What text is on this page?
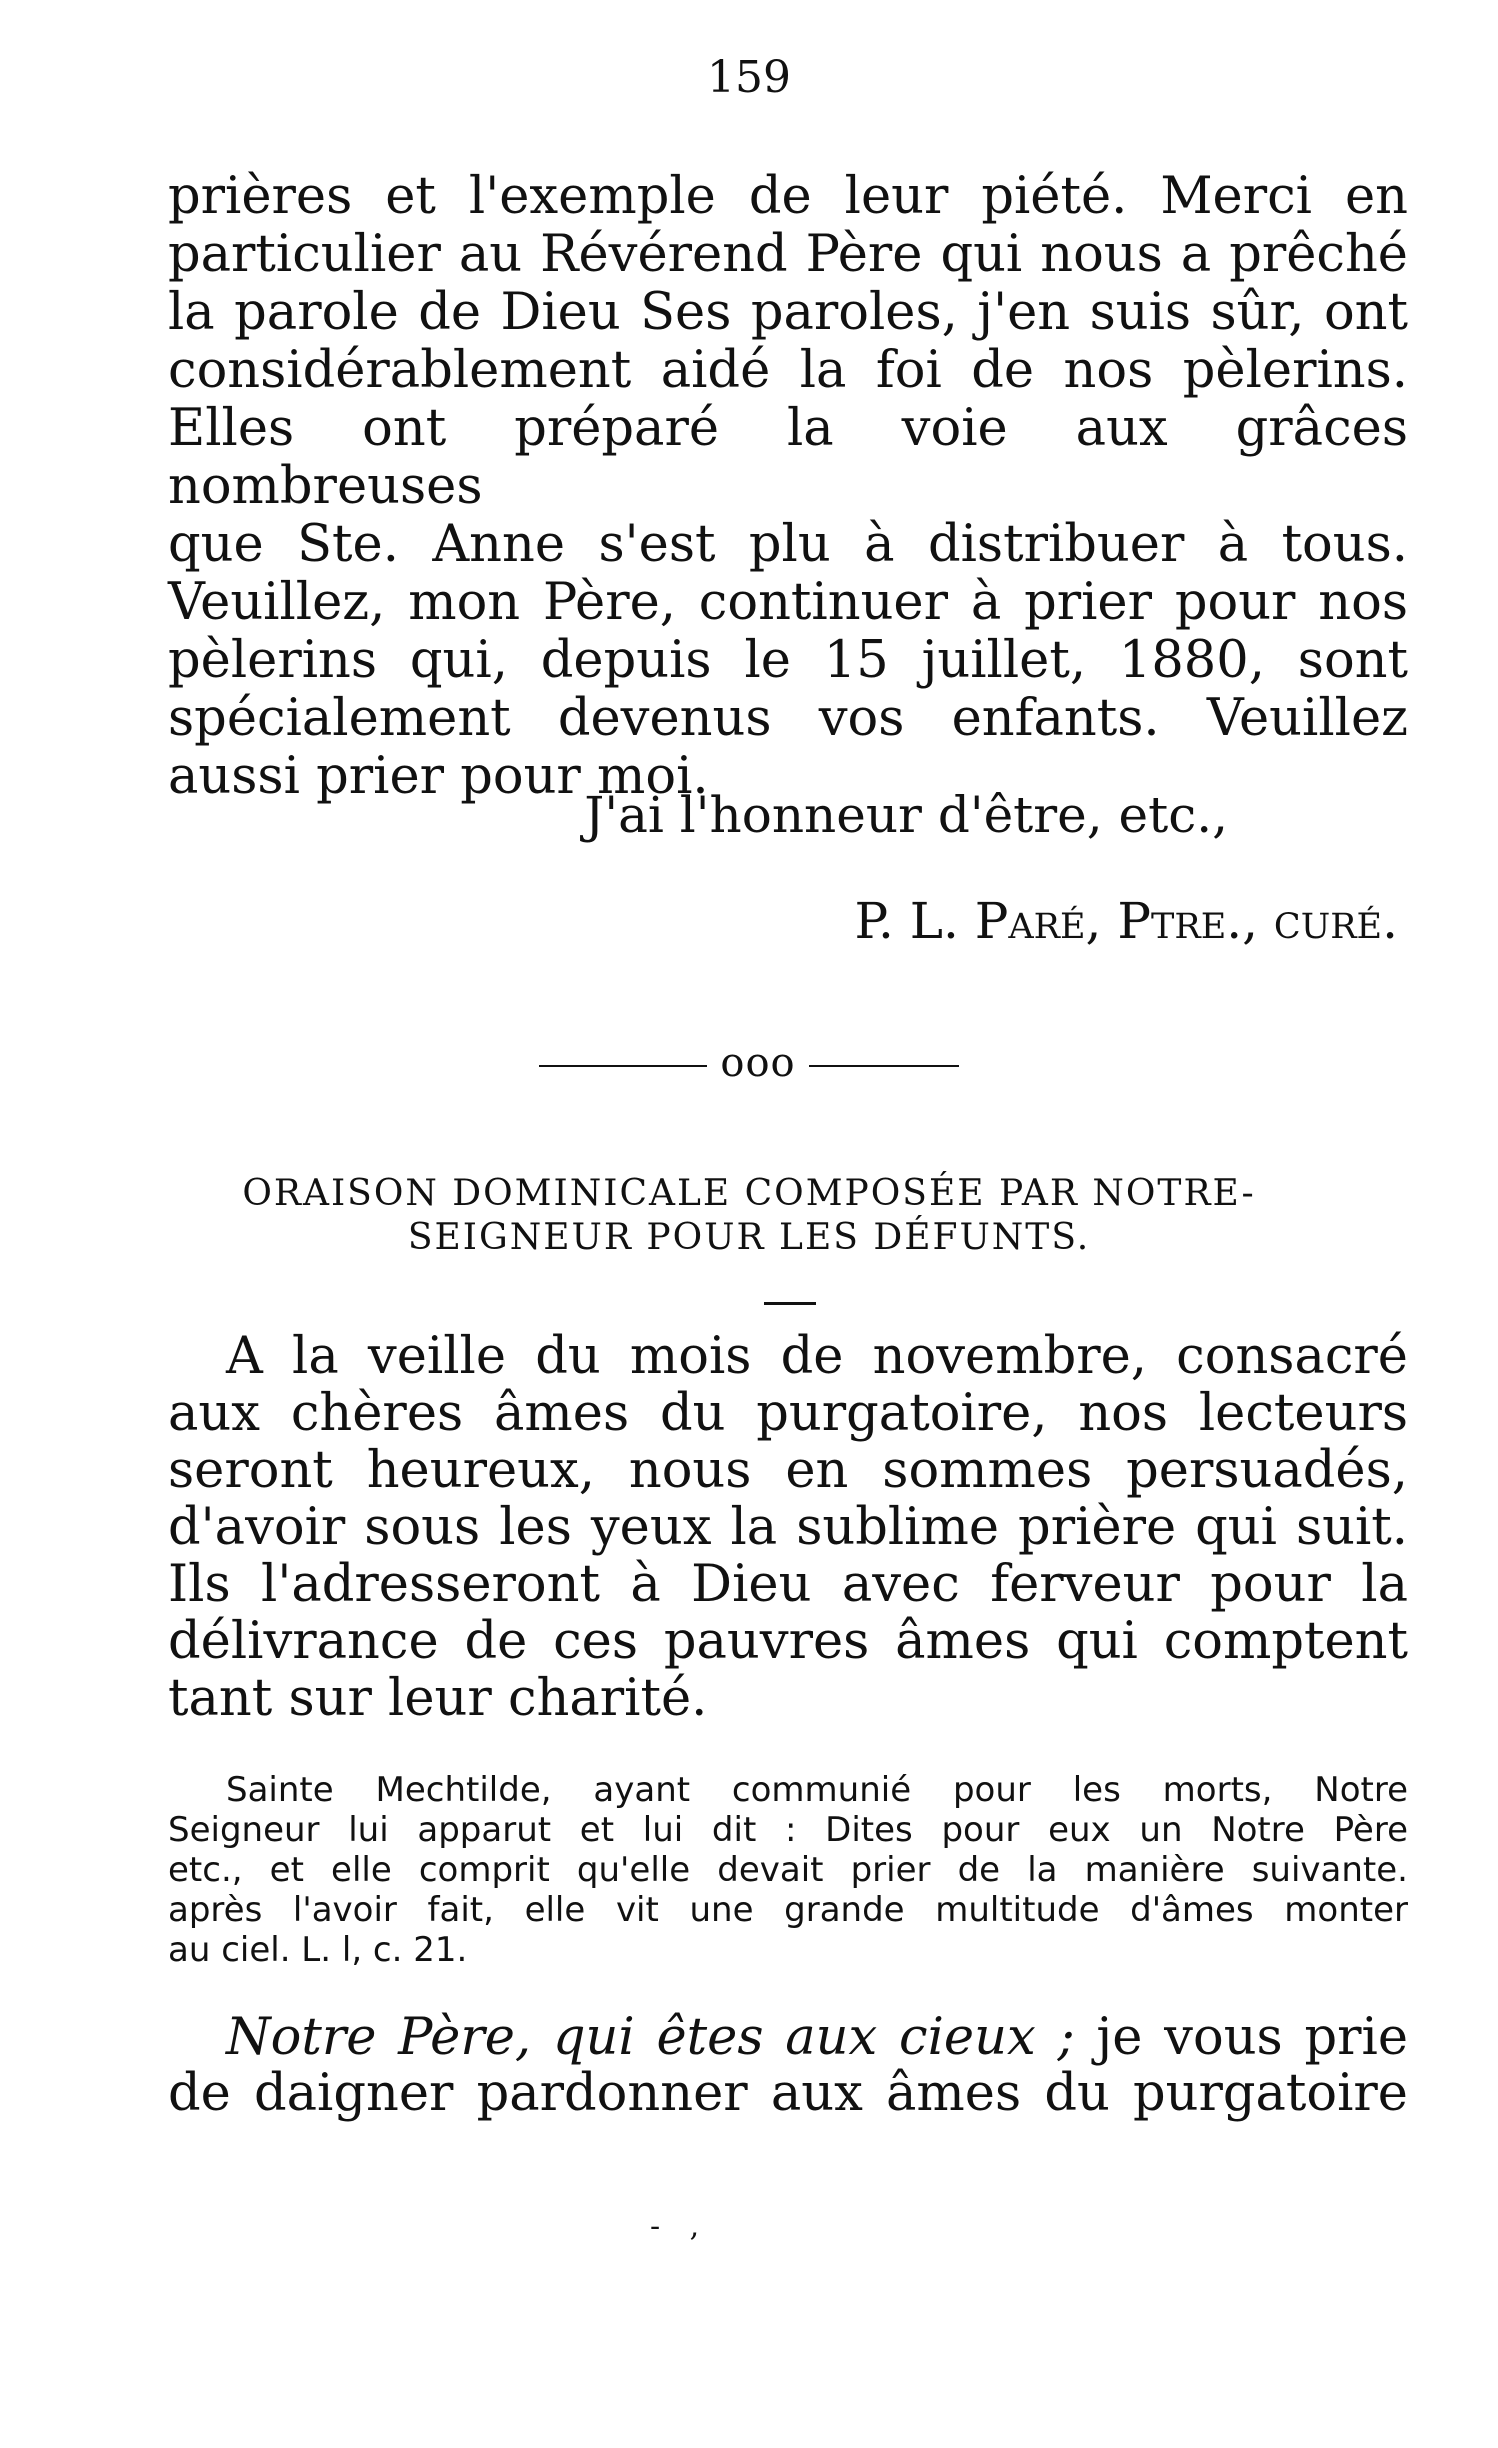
159
prières et l'exemple de leur piété. Merci en
particulier au Révérend Père qui nous a prêché
la parole de Dieu Ses paroles, j'en suis sûr, ont
considérablement aidé la foi de nos pèlerins.
Elles ont préparé la voie aux grâces nombreuses
que Ste. Anne s'est plu à distribuer à tous.
Veuillez, mon Père, continuer à prier pour nos
pèlerins qui, depuis le 15 juillet, 1880, sont
spécialement devenus vos enfants. Veuillez
aussi prier pour moi.
J'ai l'honneur d'être, etc.,
P. L. Paré, Ptre., curé.
ooo
ORAISON DOMINICALE COMPOSÉE PAR NOTRE-
SEIGNEUR POUR LES DÉFUNTS.
A la veille du mois de novembre, consacré
aux chères âmes du purgatoire, nos lecteurs
seront heureux, nous en sommes persuadés,
d'avoir sous les yeux la sublime prière qui suit.
Ils l'adresseront à Dieu avec ferveur pour la
délivrance de ces pauvres âmes qui comptent
tant sur leur charité.
Sainte Mechtilde, ayant communié pour les morts, Notre
Seigneur lui apparut et lui dit : Dites pour eux un Notre Père
etc., et elle comprit qu'elle devait prier de la manière suivante.
après l'avoir fait, elle vit une grande multitude d'âmes monter
au ciel. L. l, c. 21.
Notre Père, qui êtes aux cieux ; je vous prie
de daigner pardonner aux âmes du purgatoire
- ,
